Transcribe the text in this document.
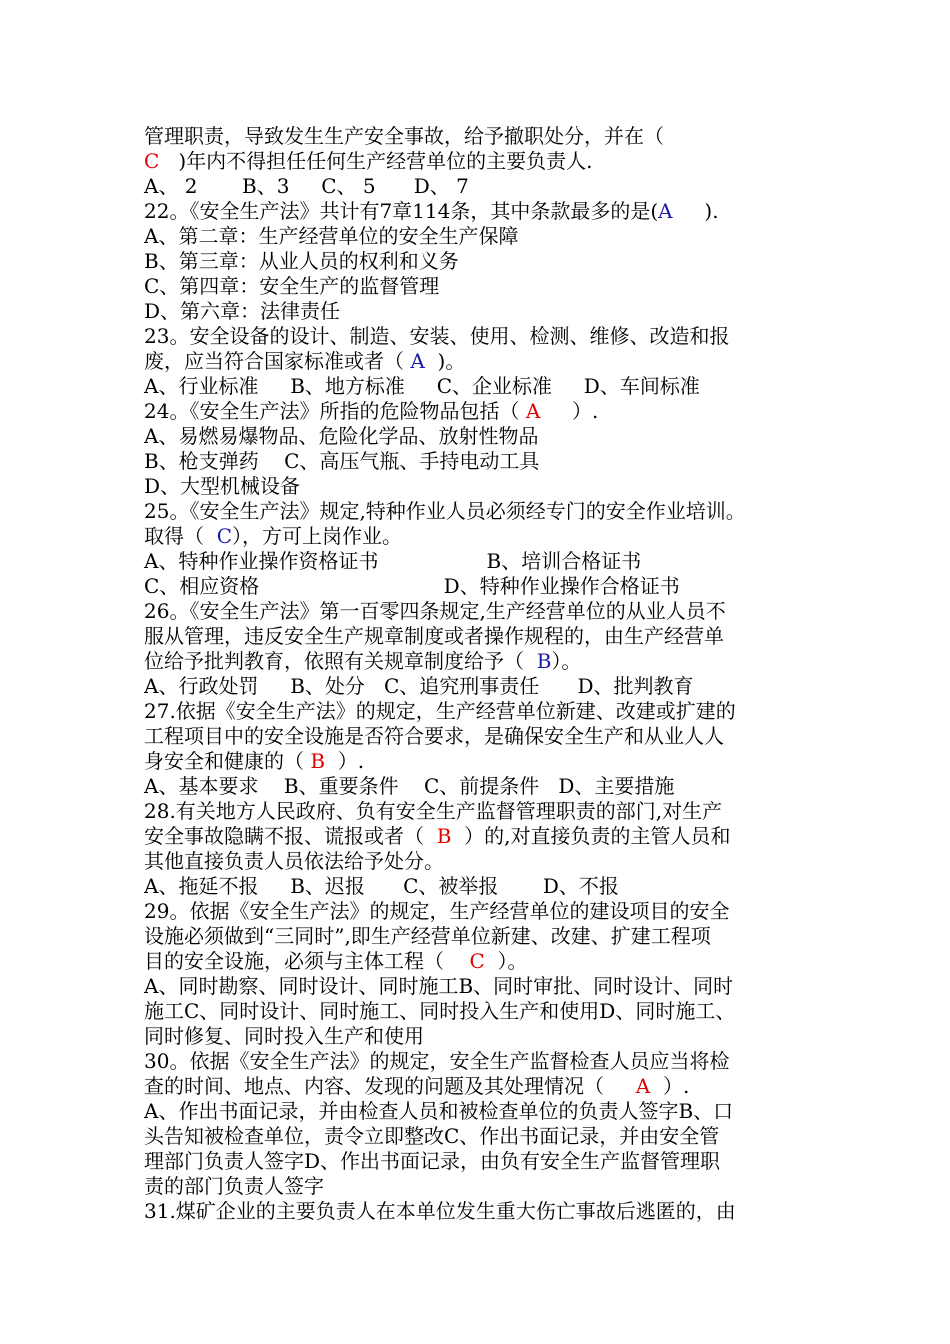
管理职责，导致发生生产安全事故，给予撤职处分，并在（

C   )年内不得担任任何生产经营单位的主要负责人.

A、 2       B、3     C、 5      D、 7

22。《安全生产法》共计有7章114条，其中条款最多的是(A     ).

A、第二章：生产经营单位的安全生产保障

B、第三章：从业人员的权利和义务

C、第四章：安全生产的监督管理

D、第六章：法律责任

23。安全设备的设计、制造、安装、使用、检测、维修、改造和报

废，应当符合国家标准或者（ A  )。

A、行业标准     B、地方标准     C、企业标准     D、车间标准

24。《安全生产法》所指的危险物品包括（ A     ）.

A、易燃易爆物品、危险化学品、放射性物品

B、枪支弹药    C、高压气瓶、手持电动工具

D、大型机械设备

25。《安全生产法》规定,特种作业人员必须经专门的安全作业培训。

取得（  C），方可上岗作业。

A、特种作业操作资格证书                 B、培训合格证书

C、相应资格                             D、特种作业操作合格证书

26。《安全生产法》第一百零四条规定,生产经营单位的从业人员不

服从管理，违反安全生产规章制度或者操作规程的，由生产经营单

位给予批判教育，依照有关规章制度给予（  B）。

A、行政处罚     B、处分   C、追究刑事责任      D、批判教育

27.依据《安全生产法》的规定，生产经营单位新建、改建或扩建的

工程项目中的安全设施是否符合要求，是确保安全生产和从业人人

身安全和健康的（ B  ）.

A、基本要求    B、重要条件    C、前提条件   D、主要措施

28.有关地方人民政府、负有安全生产监督管理职责的部门,对生产

安全事故隐瞒不报、谎报或者（  B  ）的,对直接负责的主管人员和

其他直接负责人员依法给予处分。

A、拖延不报     B、迟报      C、被举报       D、不报

29。依据《安全生产法》的规定，生产经营单位的建设项目的安全

设施必须做到“三同时”,即生产经营单位新建、改建、扩建工程项

目的安全设施，必须与主体工程（    C  ）。

A、同时勘察、同时设计、同时施工B、同时审批、同时设计、同时

施工C、同时设计、同时施工、同时投入生产和使用D、同时施工、

同时修复、同时投入生产和使用

30。依据《安全生产法》的规定，安全生产监督检查人员应当将检

查的时间、地点、内容、发现的问题及其处理情况（     A  ）.

A、作出书面记录，并由检查人员和被检查单位的负责人签字B、口

头告知被检查单位，责令立即整改C、作出书面记录，并由安全管

理部门负责人签字D、作出书面记录，由负有安全生产监督管理职

责的部门负责人签字

31.煤矿企业的主要负责人在本单位发生重大伤亡事故后逃匿的，由
